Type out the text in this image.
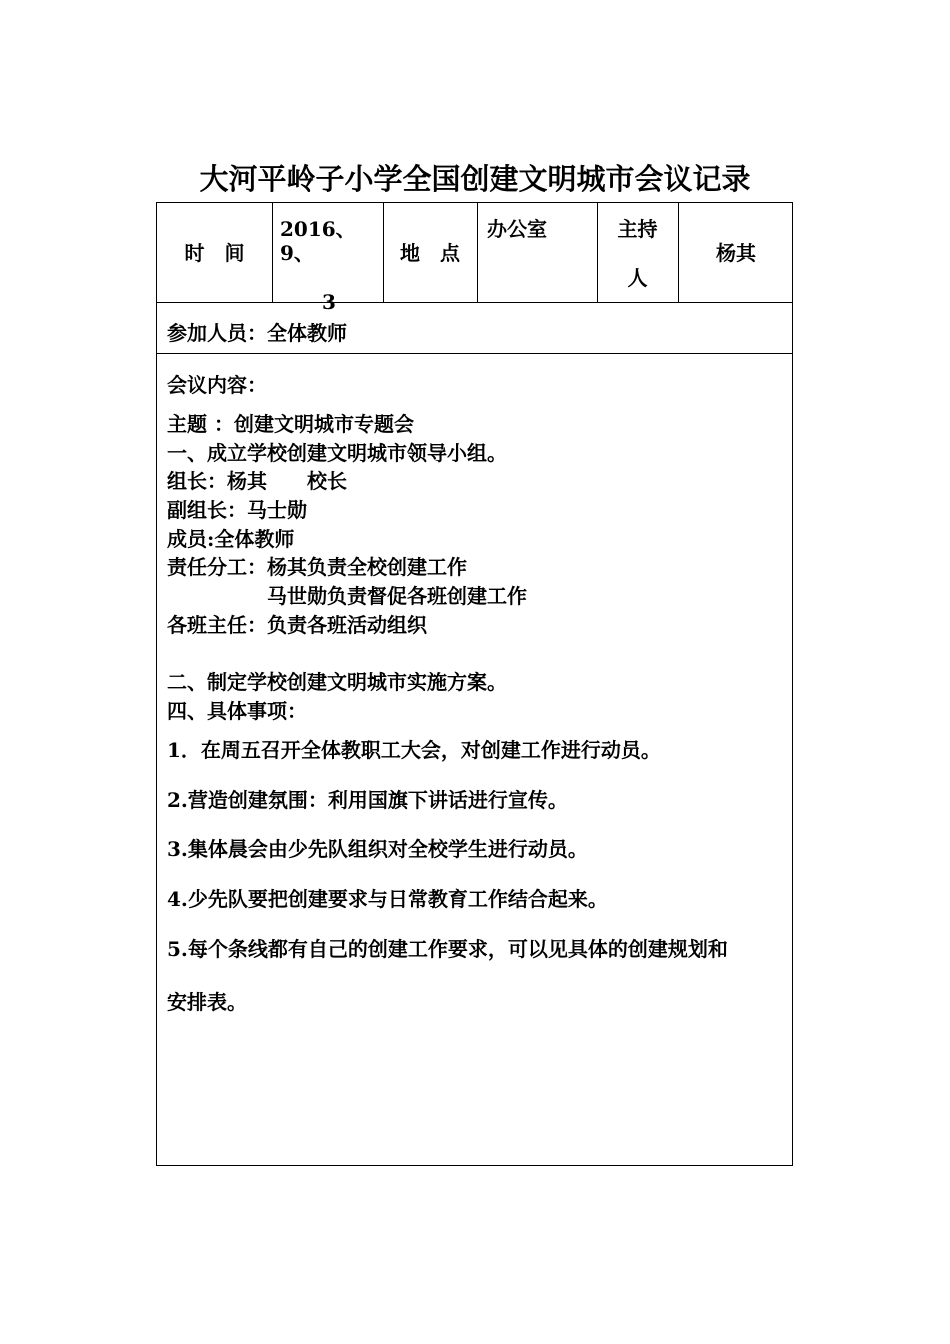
大河平岭子小学全国创建文明城市会议记录
时　间
2016、9、
3
地　点
办公室	主持
人
杨其
参加人员：全体教师
会议内容：
主题 ：创建文明城市专题会
一、成立学校创建文明城市领导小组。
组长：杨其　　校长
副组长：马士勋
成员:全体教师
责任分工：杨其负责全校创建工作
　　　　　马世勋负责督促各班创建工作
各班主任：负责各班活动组织
二、制定学校创建文明城市实施方案。
四、具体事项：
1．在周五召开全体教职工大会，对创建工作进行动员。
2.营造创建氛围：利用国旗下讲话进行宣传。
3.集体晨会由少先队组织对全校学生进行动员。
4.少先队要把创建要求与日常教育工作结合起来。
5.每个条线都有自己的创建工作要求，可以见具体的创建规划和
安排表。
